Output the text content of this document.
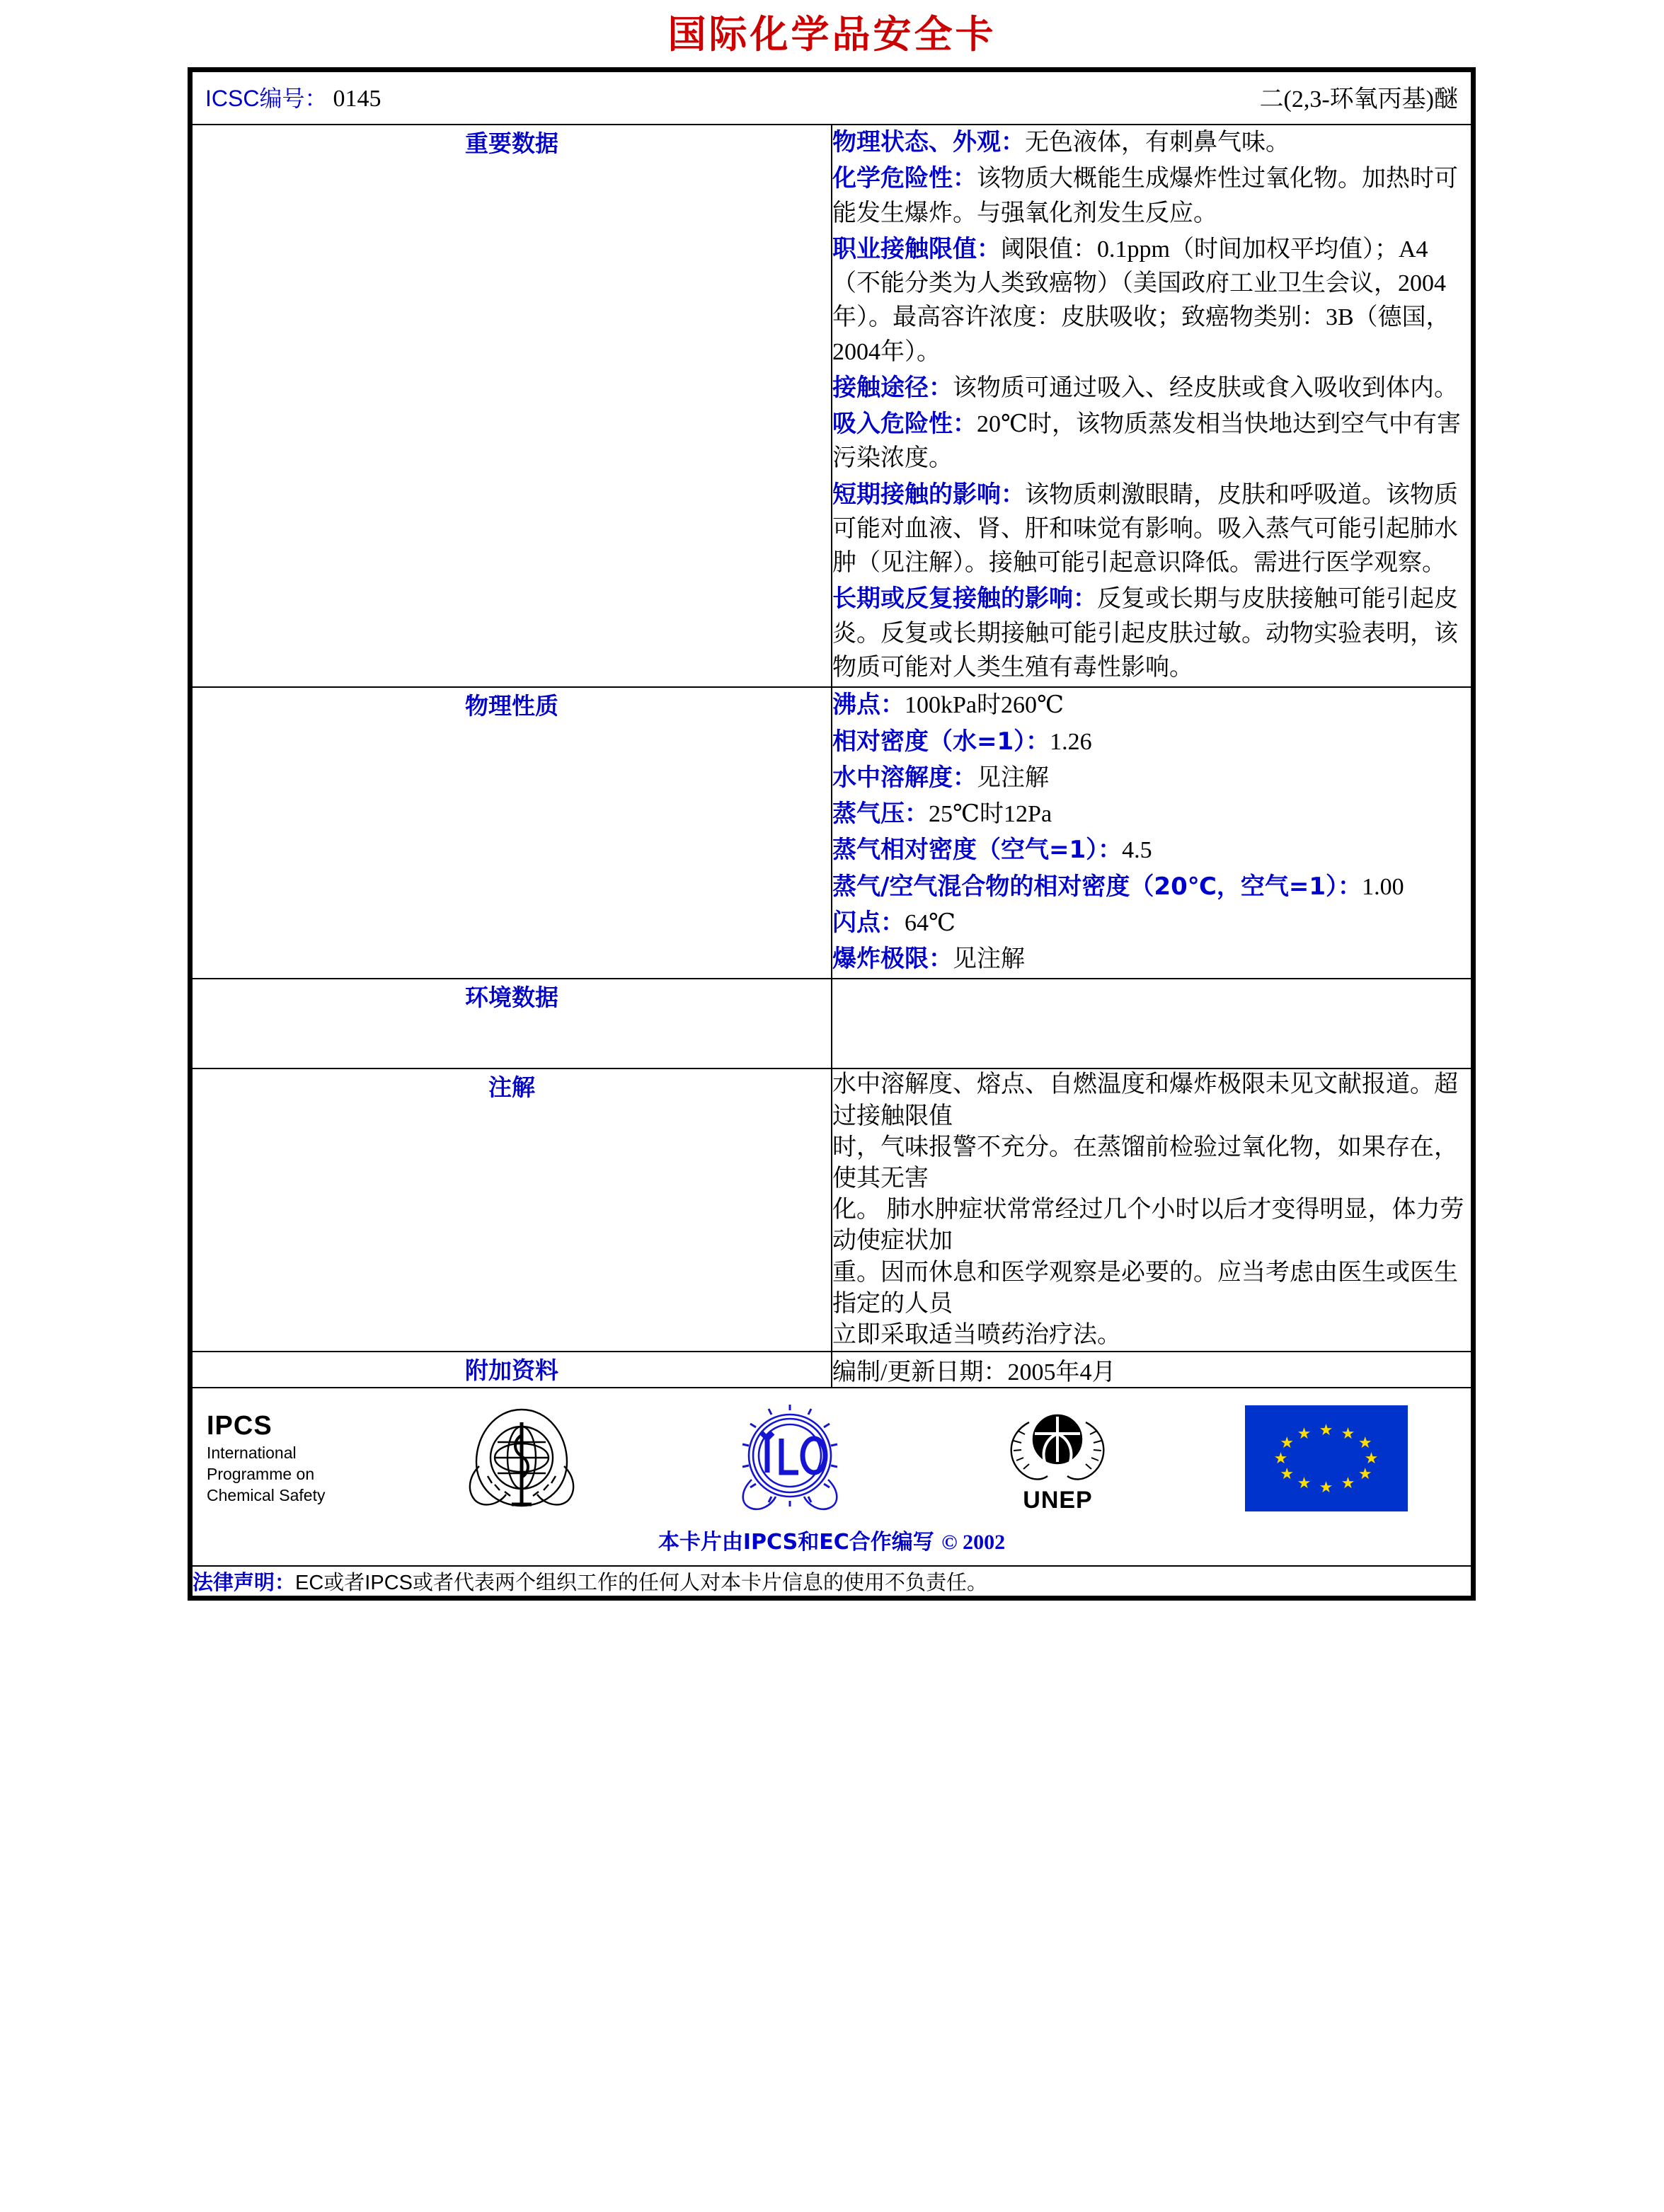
国际化学品安全卡
ICSC编号： 0145 二(2,3-环氧丙基)醚	

重要数据	物理状态、外观：无色液体，有刺鼻气味。

化学危险性：该物质大概能生成爆炸性过氧化物。加热时可能发生爆炸。与强氧化剂发生反应。

职业接触限值：阈限值：0.1ppm（时间加权平均值）；A4（不能分类为人类致癌物）（美国政府工业卫生会议，2004年）。最高容许浓度：皮肤吸收；致癌物类别：3B（德国，2004年）。

接触途径：该物质可通过吸入、经皮肤或食入吸收到体内。

吸入危险性：20℃时，该物质蒸发相当快地达到空气中有害污染浓度。

短期接触的影响：该物质刺激眼睛，皮肤和呼吸道。该物质可能对血液、肾、肝和味觉有影响。吸入蒸气可能引起肺水肿（见注解）。接触可能引起意识降低。需进行医学观察。

长期或反复接触的影响：反复或长期与皮肤接触可能引起皮炎。反复或长期接触可能引起皮肤过敏。动物实验表明，该物质可能对人类生殖有毒性影响。

物理性质	沸点：100kPa时260℃

相对密度（水=1）：1.26

水中溶解度：见注解

蒸气压：25℃时12Pa

蒸气相对密度（空气=1）：4.5

蒸气/空气混合物的相对密度（20℃，空气=1）：1.00

闪点：64℃

爆炸极限：见注解

环境数据	
注解	水中溶解度、熔点、自燃温度和爆炸极限未见文献报道。超过接触限值

时，气味报警不充分。在蒸馏前检验过氧化物，如果存在，使其无害

化。 肺水肿症状常常经过几个小时以后才变得明显，体力劳动使症状加

重。因而休息和医学观察是必要的。应当考虑由医生或医生指定的人员

立即采取适当喷药治疗法。

附加资料	编制/更新日期：2005年4月

IPCS
International
Programme on
Chemical Safety	UNEP
★ ★
★
★
★
★
★
★
★
★
★
★
本卡片由IPCS和EC合作编写 © 2002

法律声明：EC或者IPCS或者代表两个组织工作的任何人对本卡片信息的使用不负责任。	
